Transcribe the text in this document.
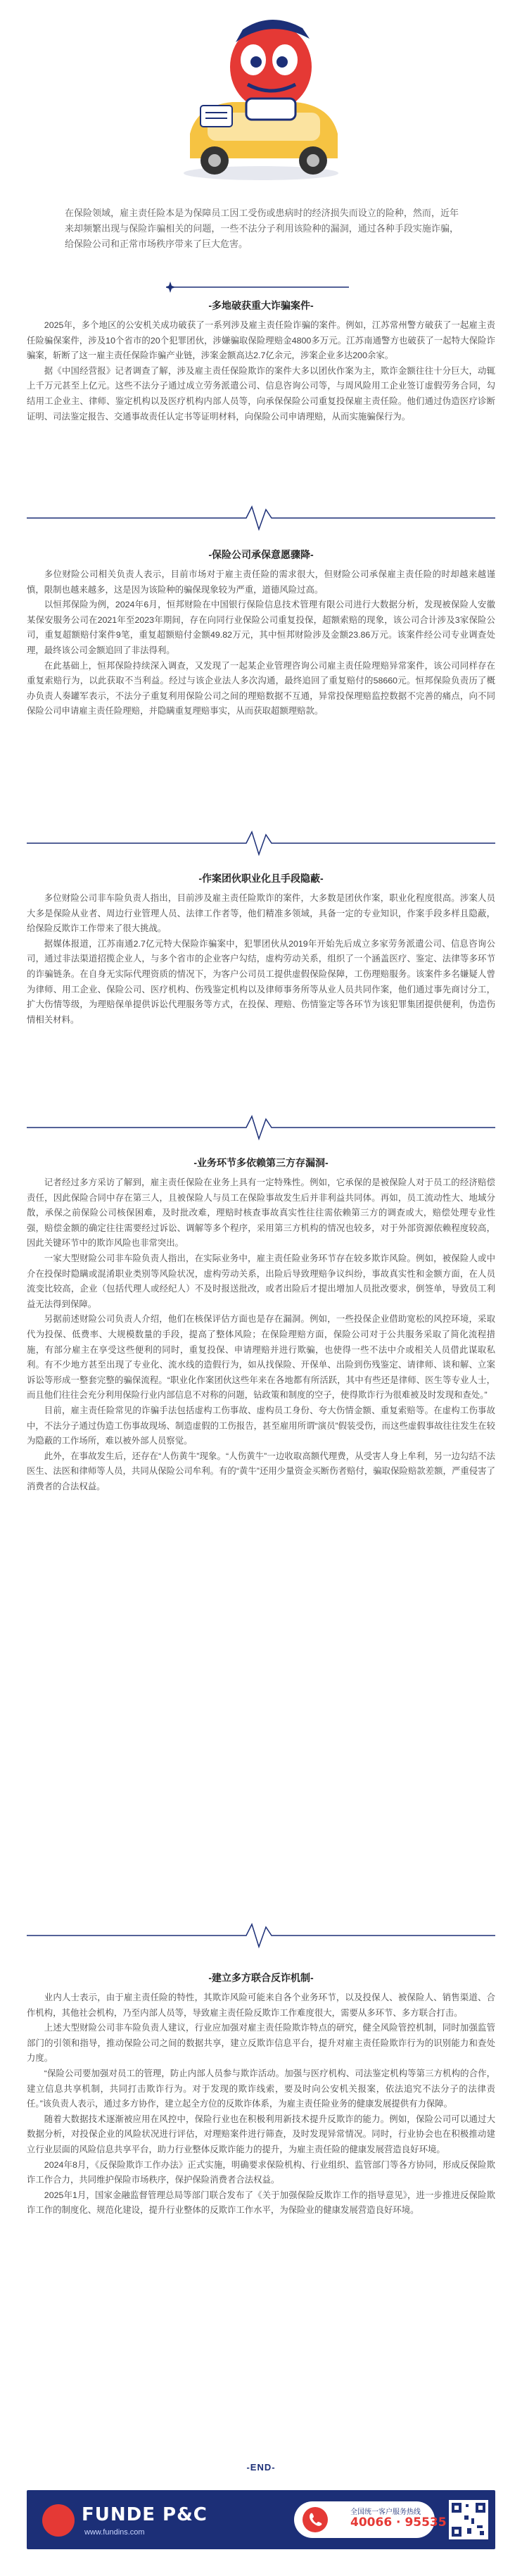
在保险领域，雇主责任险本是为保障员工因工受伤或患病时的经济损失而设立的险种，然而，近年来却频繁出现与保险诈骗相关的问题，一些不法分子利用该险种的漏洞，通过各种手段实施诈骗，给保险公司和正常市场秩序带来了巨大危害。
-多地破获重大诈骗案件-

2025年，多个地区的公安机关成功破获了一系列涉及雇主责任险诈骗的案件。例如，江苏常州警方破获了一起雇主责任险骗保案件，涉及10个省市的20个犯罪团伙，涉嫌骗取保险理赔金4800多万元。江苏南通警方也破获了一起特大保险诈骗案，斩断了这一雇主责任保险诈骗产业链，涉案金额高达2.7亿余元，涉案企业多达200余家。

据《中国经营报》记者调查了解，涉及雇主责任保险欺诈的案件大多以团伙作案为主，欺诈金额往往十分巨大，动辄上千万元甚至上亿元。这些不法分子通过成立劳务派遣公司、信息咨询公司等，与周风险用工企业签订虚假劳务合同，勾结用工企业主、律师、鉴定机构以及医疗机构内部人员等，向承保保险公司重复投保雇主责任险。他们通过伪造医疗诊断证明、司法鉴定报告、交通事故责任认定书等证明材料，向保险公司申请理赔，从而实施骗保行为。

-保险公司承保意愿骤降-

多位财险公司相关负责人表示，目前市场对于雇主责任险的需求很大，但财险公司承保雇主责任险的时却越来越谨慎，限制也越来越多，这是因为该险种的骗保现象较为严重，道德风险过高。

以恒邦保险为例，2024年6月，恒邦财险在中国银行保险信息技术管理有限公司进行大数据分析，发现被保险人安徽某保安服务公司在2021年至2023年期间，存在向同行业保险公司重复投保，超额索赔的现象，该公司合计涉及3家保险公司，重复超额赔付案件9笔，重复超额赔付金额49.82万元，其中恒邦财险涉及金额23.86万元。该案件经公司专业调查处理，最终该公司金额追回了非法得利。

在此基础上，恒邦保险持续深入调查，又发现了一起某企业管理咨询公司雇主责任险理赔异常案件，该公司同样存在重复索赔行为，以此获取不当利益。经过与该企业法人多次沟通，最终追回了重复赔付的58660元。恒邦保险负责历了概办负责人奏罐军表示，不法分子重复利用保险公司之间的理赔数据不互通，异常投保理赔监控数据不完善的痛点，向不同保险公司申请雇主责任险理赔，并隐瞒重复理赔事实，从而获取超额理赔款。

-作案团伙职业化且手段隐蔽-

多位财险公司非车险负责人指出，目前涉及雇主责任险欺诈的案件，大多数是团伙作案，职业化程度很高。涉案人员大多是保险从业者、周边行业管理人员、法律工作者等，他们精准多领域，具备一定的专业知识，作案手段多样且隐蔽，给保险反欺诈工作带来了很大挑战。

据媒体报道，江苏南通2.7亿元特大保险诈骗案中，犯罪团伙从2019年开始先后成立多家劳务派遣公司、信息咨询公司，通过非法渠道招揽企业人，与多个省市的企业客户勾结，虚构劳动关系，组织了一个涵盖医疗、鉴定、法律等多环节的诈骗链条。在自身无实际代理资质的情况下，为客户公司员工提供虚假保险保障，工伤理赔服务。该案件多名嫌疑人曾为律师、用工企业、保险公司、医疗机构、伤残鉴定机构以及律师事务所等从业人员共同作案，他们通过事先商讨分工，扩大伤情等级，为理赔保单提供诉讼代理服务等方式，在投保、理赔、伤情鉴定等各环节为该犯罪集团提供便利，伪造伤情相关材料。

-业务环节多依赖第三方存漏洞-

记者经过多方采访了解到，雇主责任保险在业务上具有一定特殊性。例如，它承保的是被保险人对于员工的经济赔偿责任，因此保险合同中存在第三人，且被保险人与员工在保险事故发生后并非利益共同体。再如，员工流动性大、地域分散，承保之前保险公司核保困难，及时批改难，理赔时核查事故真实性往往需依赖第三方的调查或大，赔偿处理专业性强，赔偿金额的确定往往需要经过诉讼、调解等多个程序，采用第三方机构的情况也较多，对于外部资源依赖程度较高，因此关键环节中的欺诈风险也非常突出。

一家大型财险公司非车险负责人指出，在实际业务中，雇主责任险业务环节存在较多欺诈风险。例如，被保险人或中介在投保时隐瞒或混淆职业类别等风险状况，虚构劳动关系，出险后导致理赔争议纠纷，事故真实性和金额方面，在人员流变比较高，企业（包括代理人或经纪人）不及时报送批改，或者出险后才提出增加人员批改要求，倒签单，导致员工利益无法得到保障。

另据前述财险公司负责人介绍，他们在核保评估方面也是存在漏洞。例如，一些投保企业借助宽松的风控环境，采取代为投保、低费率、大规模数量的手段，提高了整体风险；在保险理赔方面，保险公司对于公共服务采取了简化流程措施，有部分雇主在享受这些便利的同时，重复投保、申请理赔并进行欺骗，也使得一些不法中介或相关人员借此谋取私利。有不少地方甚至出现了专业化、流水线的造假行为，如从找保险、开保单、出险到伤残鉴定、请律师、谈和解、立案诉讼等形成一整套完整的骗保流程。“职业化作案团伙这些年来在各地都有所活跃，其中有些还是律师、医生等专业人士，而且他们往往会充分利用保险行业内部信息不对称的问题，钻政策和制度的空子，使得欺诈行为很难被及时发现和查处。”

目前，雇主责任险常见的诈骗手法包括虚构工伤事故、虚构员工身份、夸大伤情金额、重复索赔等。在虚构工伤事故中，不法分子通过伪造工伤事故现场、制造虚假的工伤报告，甚至雇用所谓“演员”假装受伤，而这些虚假事故往往发生在较为隐蔽的工作场所，难以被外部人员察觉。

此外，在事故发生后，还存在“人伤黄牛”现象。“人伤黄牛”一边收取高额代理费，从受害人身上牟利，另一边勾结不法医生、法医和律师等人员，共同从保险公司牟利。有的“黄牛”还用少量资金买断伤者赔付，骗取保险赔款差额，严重侵害了消费者的合法权益。

-建立多方联合反诈机制-

业内人士表示，由于雇主责任险的特性，其欺诈风险可能来自各个业务环节，以及投保人、被保险人、销售渠道、合作机构，其他社会机构，乃至内部人员等，导致雇主责任险反欺诈工作难度很大，需要从多环节、多方联合打击。

上述大型财险公司非车险负责人建议，行业应加强对雇主责任险欺诈特点的研究，健全风险管控机制，同时加强监管部门的引领和指导，推动保险公司之间的数据共享，建立反欺诈信息平台，提升对雇主责任险欺诈行为的识别能力和查处力度。

“保险公司要加强对员工的管理，防止内部人员参与欺诈活动。加强与医疗机构、司法鉴定机构等第三方机构的合作，建立信息共享机制，共同打击欺诈行为。对于发现的欺诈线索，要及时向公安机关报案，依法追究不法分子的法律责任。”该负责人表示，通过多方协作，建立起全方位的反欺诈体系，为雇主责任险业务的健康发展提供有力保障。

随着大数据技术逐渐被应用在风控中，保险行业也在积极利用新技术提升反欺诈的能力。例如，保险公司可以通过大数据分析，对投保企业的风险状况进行评估，对理赔案件进行筛查，及时发现异常情况。同时，行业协会也在积极推动建立行业层面的风险信息共享平台，助力行业整体反欺诈能力的提升，为雇主责任险的健康发展营造良好环境。

2024年8月，《反保险欺诈工作办法》正式实施，明确要求保险机构、行业组织、监管部门等各方协同，形成反保险欺诈工作合力，共同维护保险市场秩序，保护保险消费者合法权益。

2025年1月，国家金融监督管理总局等部门联合发布了《关于加强保险反欺诈工作的指导意见》，进一步推进反保险欺诈工作的制度化、规范化建设，提升行业整体的反欺诈工作水平，为保险业的健康发展营造良好环境。

-END-
FUNDE P&C
www.fundins.com
全国统一客户服务热线
40066 · 95535
